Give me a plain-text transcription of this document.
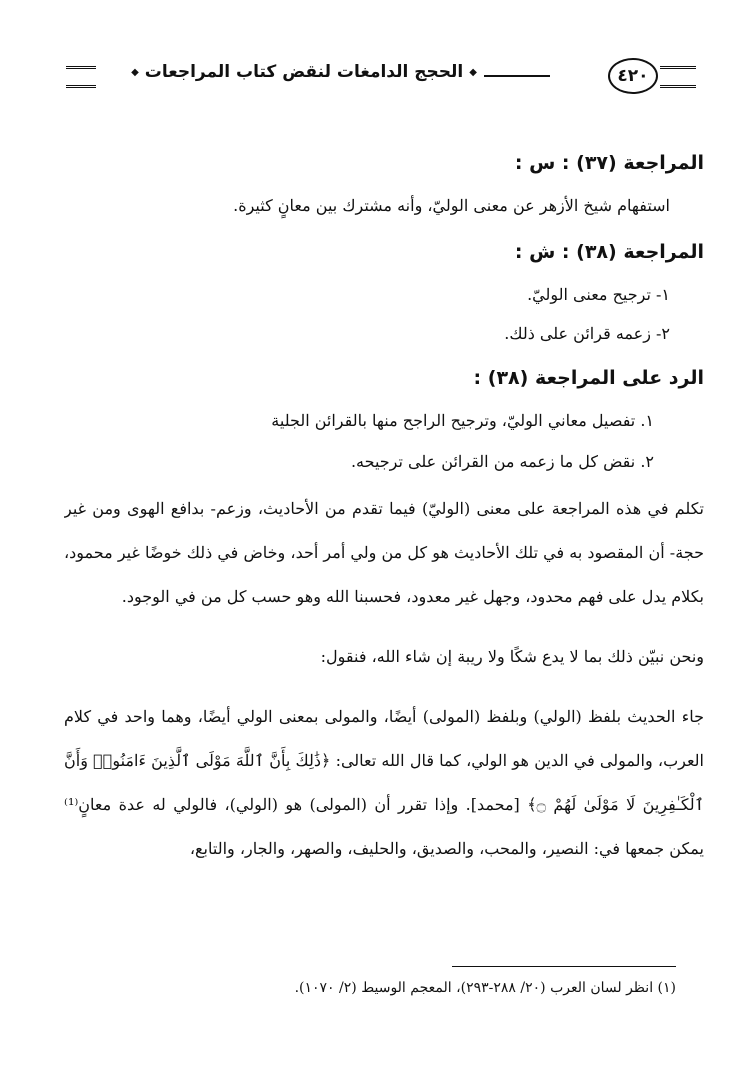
◆ الحجج الدامغات لنقض كتاب المراجعات ◆	٤٢٠

المراجعة (٣٧) : س :

استفهام شيخ الأزهر عن معنى الوليّ، وأنه مشترك بين معانٍ كثيرة.

المراجعة (٣٨) : ش :

١- ترجيح معنى الوليّ.

٢- زعمه قرائن على ذلك.

الرد على المراجعة (٣٨) :

١. تفصيل معاني الوليّ، وترجيح الراجح منها بالقرائن الجلية

٢. نقض كل ما زعمه من القرائن على ترجيحه.

تكلم في هذه المراجعة على معنى (الوليّ) فيما تقدم من الأحاديث، وزعم- بدافع الهوى ومن غير حجة- أن المقصود به في تلك الأحاديث هو كل من ولي أمر أحد، وخاض في ذلك خوضًا غير محمود، بكلام يدل على فهم محدود، وجهل غير معدود، فحسبنا الله وهو حسب كل من في الوجود.

ونحن نبيّن ذلك بما لا يدع شكًا ولا ريبة إن شاء الله، فنقول:

جاء الحديث بلفظ (الولي) وبلفظ (المولى) أيضًا، والمولى بمعنى الولي أيضًا، وهما واحد في كلام العرب، والمولى في الدين هو الولي، كما قال الله تعالى: ﴿ذَٰلِكَ بِأَنَّ ٱللَّهَ مَوْلَى ٱلَّذِينَ ءَامَنُوا۟ وَأَنَّ ٱلْكَـٰفِرِينَ لَا مَوْلَىٰ لَهُمْ ۝﴾ [محمد]. وإذا تقرر أن (المولى) هو (الولي)، فالولي له عدة معانٍ⁽¹⁾ يمكن جمعها في: النصير، والمحب، والصديق، والحليف، والصهر، والجار، والتابع،

(١) انظر لسان العرب (٢٠/ ٢٨٨-٢٩٣)، المعجم الوسيط (٢/ ١٠٧٠).
